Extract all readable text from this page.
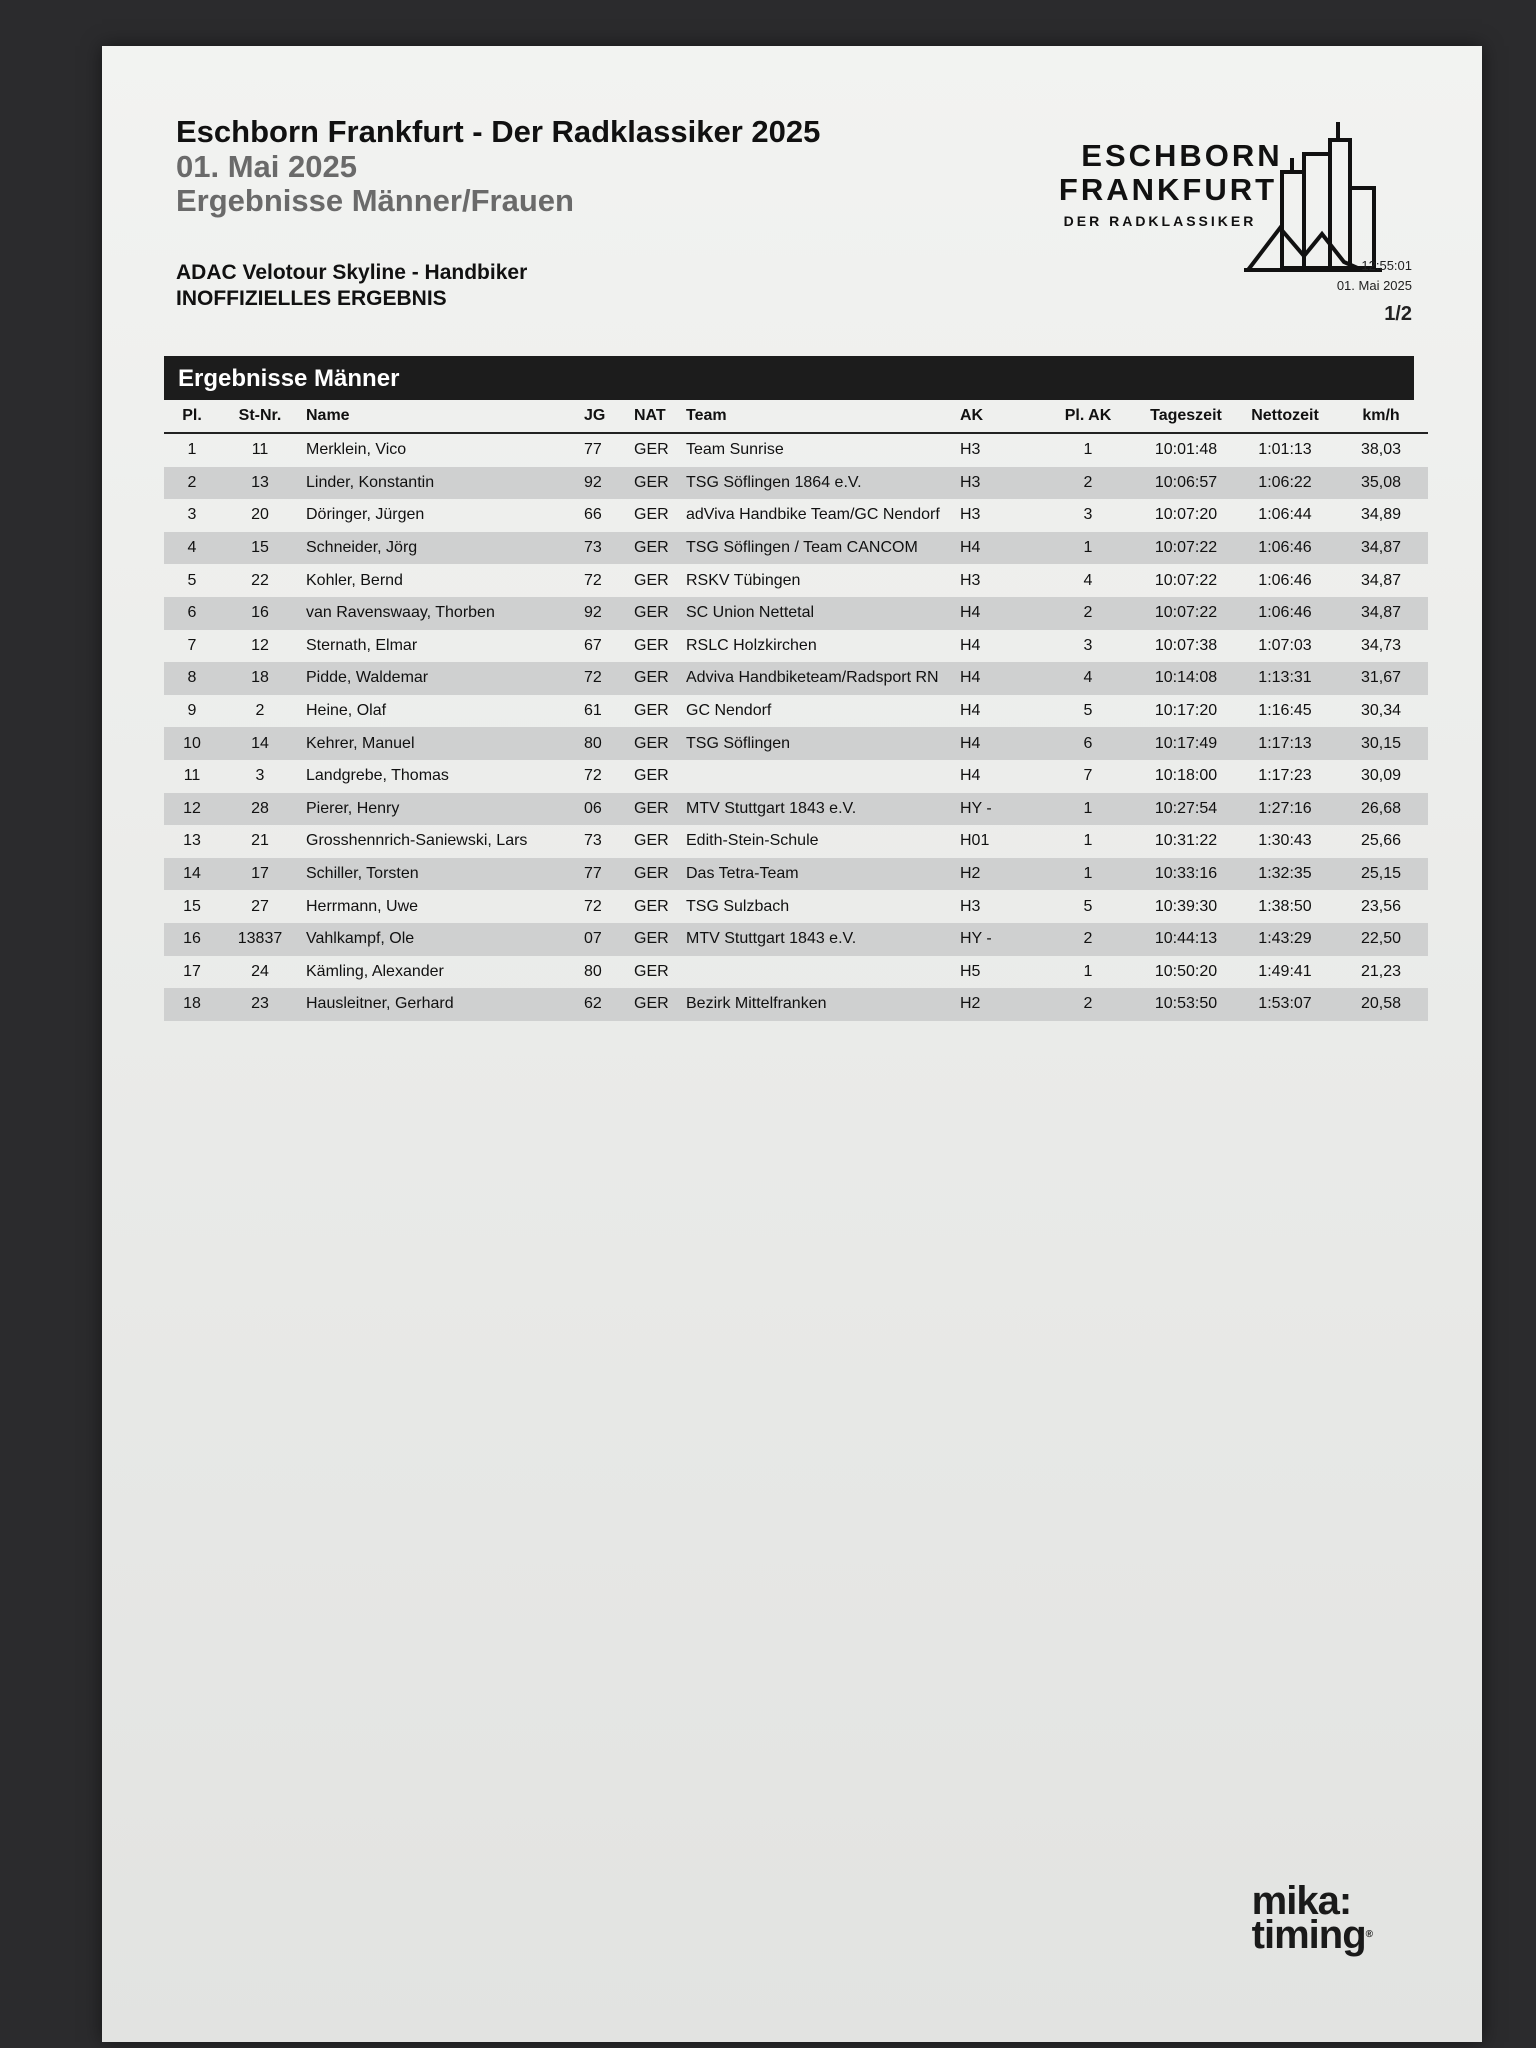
Eschborn Frankfurt - Der Radklassiker 2025
01. Mai 2025
Ergebnisse Männer/Frauen
ESCHBORN
FRANKFURT
DER RADKLASSIKER
ADAC Velotour Skyline - Handbiker
INOFFIZIELLES ERGEBNIS
12:55:01
01. Mai 2025
1/2
Ergebnisse Männer
Pl.	St-Nr.	Name	JG	NAT	Team	AK	Pl. AK	Tageszeit	Nettozeit	km/h
1	11	Merklein, Vico	77	GER	Team Sunrise	H3	1	10:01:48	1:01:13	38,03
2	13	Linder, Konstantin	92	GER	TSG Söflingen 1864 e.V.	H3	2	10:06:57	1:06:22	35,08
3	20	Döringer, Jürgen	66	GER	adViva Handbike Team/GC Nendorf	H3	3	10:07:20	1:06:44	34,89
4	15	Schneider, Jörg	73	GER	TSG Söflingen / Team CANCOM	H4	1	10:07:22	1:06:46	34,87
5	22	Kohler, Bernd	72	GER	RSKV Tübingen	H3	4	10:07:22	1:06:46	34,87
6	16	van Ravenswaay, Thorben	92	GER	SC Union Nettetal	H4	2	10:07:22	1:06:46	34,87
7	12	Sternath, Elmar	67	GER	RSLC Holzkirchen	H4	3	10:07:38	1:07:03	34,73
8	18	Pidde, Waldemar	72	GER	Adviva Handbiketeam/Radsport RN	H4	4	10:14:08	1:13:31	31,67
9	2	Heine, Olaf	61	GER	GC Nendorf	H4	5	10:17:20	1:16:45	30,34
10	14	Kehrer, Manuel	80	GER	TSG Söflingen	H4	6	10:17:49	1:17:13	30,15
11	3	Landgrebe, Thomas	72	GER		H4	7	10:18:00	1:17:23	30,09
12	28	Pierer, Henry	06	GER	MTV Stuttgart 1843 e.V.	HY -	1	10:27:54	1:27:16	26,68
13	21	Grosshennrich-Saniewski, Lars	73	GER	Edith-Stein-Schule	H01	1	10:31:22	1:30:43	25,66
14	17	Schiller, Torsten	77	GER	Das Tetra-Team	H2	1	10:33:16	1:32:35	25,15
15	27	Herrmann, Uwe	72	GER	TSG Sulzbach	H3	5	10:39:30	1:38:50	23,56
16	13837	Vahlkampf, Ole	07	GER	MTV Stuttgart 1843 e.V.	HY -	2	10:44:13	1:43:29	22,50
17	24	Kämling, Alexander	80	GER		H5	1	10:50:20	1:49:41	21,23
18	23	Hausleitner, Gerhard	62	GER	Bezirk Mittelfranken	H2	2	10:53:50	1:53:07	20,58
mika:
timing®
